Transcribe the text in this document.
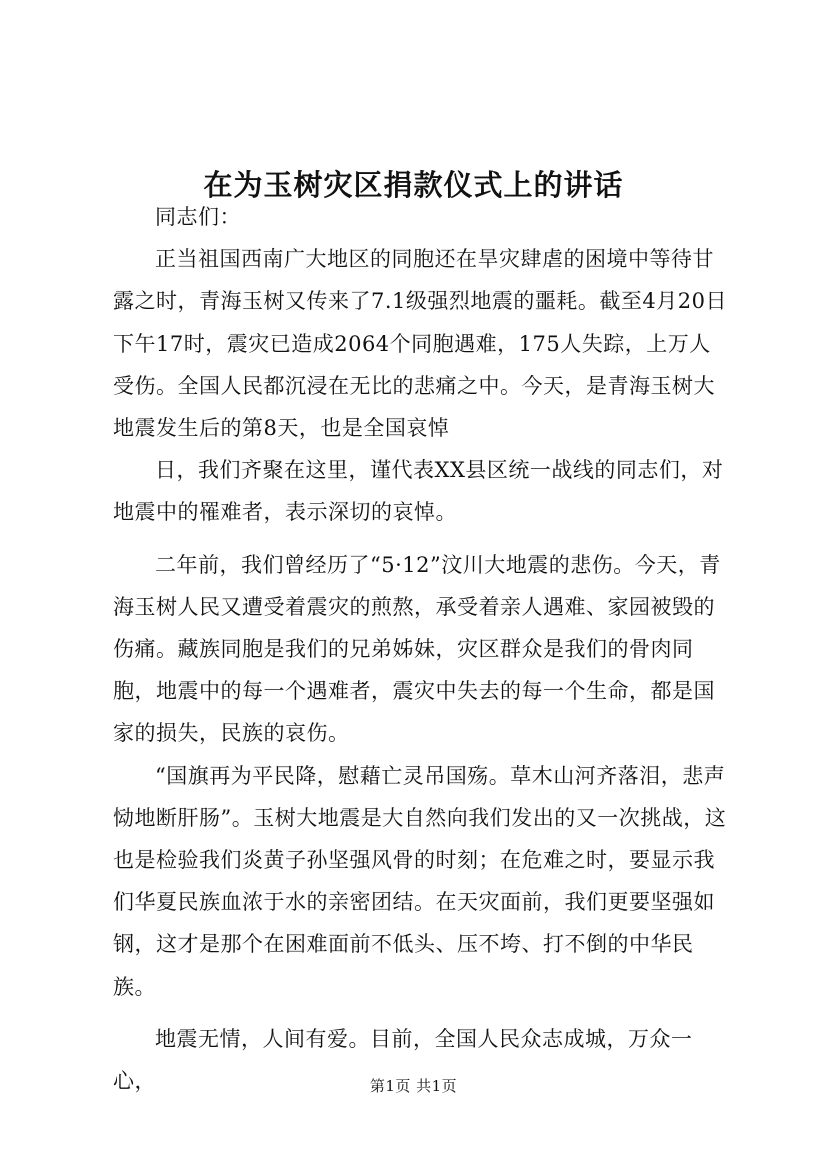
在为玉树灾区捐款仪式上的讲话

同志们：

正当祖国西南广大地区的同胞还在旱灾肆虐的困境中等待甘露之时，青海玉树又传来了7.1级强烈地震的噩耗。截至4月20日下午17时，震灾已造成2064个同胞遇难，175人失踪，上万人受伤。全国人民都沉浸在无比的悲痛之中。今天，是青海玉树大地震发生后的第8天，也是全国哀悼

日，我们齐聚在这里，谨代表XX县区统一战线的同志们，对地震中的罹难者，表示深切的哀悼。

二年前，我们曾经历了“5·12”汶川大地震的悲伤。今天，青海玉树人民又遭受着震灾的煎熬，承受着亲人遇难、家园被毁的伤痛。藏族同胞是我们的兄弟姊妹，灾区群众是我们的骨肉同胞，地震中的每一个遇难者，震灾中失去的每一个生命，都是国家的损失，民族的哀伤。

“国旗再为平民降，慰藉亡灵吊国殇。草木山河齐落泪，悲声恸地断肝肠”。玉树大地震是大自然向我们发出的又一次挑战，这也是检验我们炎黄子孙坚强风骨的时刻；在危难之时，要显示我们华夏民族血浓于水的亲密团结。在天灾面前，我们更要坚强如钢，这才是那个在困难面前不低头、压不垮、打不倒的中华民族。

地震无情，人间有爱。目前，全国人民众志成城，万众一心，	第1页 共1页
